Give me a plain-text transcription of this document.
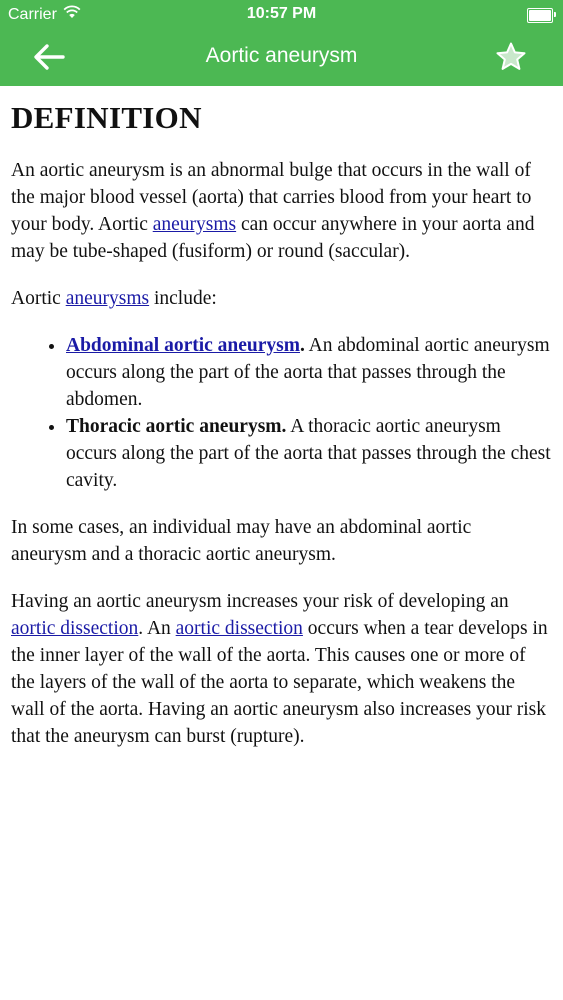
Carrier	10:57 PM
Aortic aneurysm
DEFINITION

An aortic aneurysm is an abnormal bulge that occurs in the wall of the major blood vessel (aorta) that carries blood from your heart to your body. Aortic aneurysms can occur anywhere in your aorta and may be tube-shaped (fusiform) or round (saccular).

Aortic aneurysms include:

• Abdominal aortic aneurysm. An abdominal aortic aneurysm occurs along the part of the aorta that passes through the abdomen.
• Thoracic aortic aneurysm. A thoracic aortic aneurysm occurs along the part of the aorta that passes through the chest cavity.

In some cases, an individual may have an abdominal aortic aneurysm and a thoracic aortic aneurysm.

Having an aortic aneurysm increases your risk of developing an aortic dissection. An aortic dissection occurs when a tear develops in the inner layer of the wall of the aorta. This causes one or more of the layers of the wall of the aorta to separate, which weakens the wall of the aorta. Having an aortic aneurysm also increases your risk that the aneurysm can burst (rupture).
